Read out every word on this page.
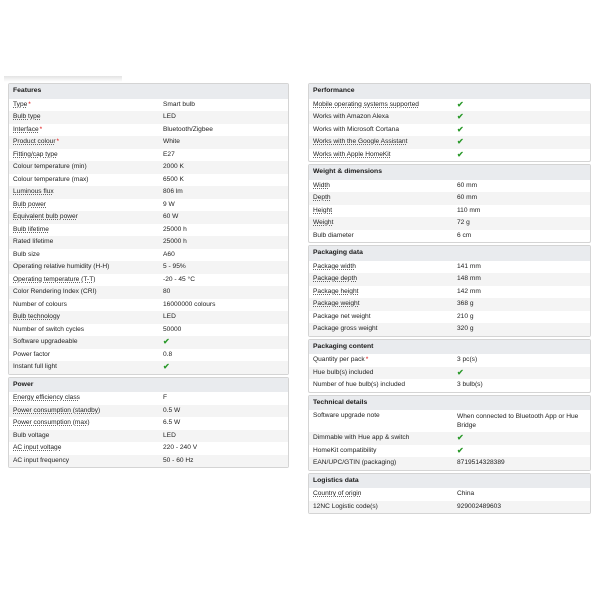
Features
Type*	Smart bulb
Bulb type	LED
Interface*	Bluetooth/Zigbee
Product colour*	White
Fitting/cap type	E27
Colour temperature (min)	2000 K
Colour temperature (max)	6500 K
Luminous flux	806 lm
Bulb power	9 W
Equivalent bulb power	60 W
Bulb lifetime	25000 h
Rated lifetime	25000 h
Bulb size	A60
Operating relative humidity (H-H)	5 - 95%
Operating temperature (T-T)	-20 - 45 °C
Color Rendering Index (CRI)	80
Number of colours	16000000 colours
Bulb technology	LED
Number of switch cycles	50000
Software upgradeable	✔
Power factor	0.8
Instant full light	✔
Power
Energy efficiency class	F
Power consumption (standby)	0.5 W
Power consumption (max)	6.5 W
Bulb voltage	LED
AC input voltage	220 - 240 V
AC input frequency	50 - 60 Hz
Performance
Mobile operating systems supported	✔
Works with Amazon Alexa	✔
Works with Microsoft Cortana	✔
Works with the Google Assistant	✔
Works with Apple HomeKit	✔
Weight & dimensions
Width	60 mm
Depth	60 mm
Height	110 mm
Weight	72 g
Bulb diameter	6 cm
Packaging data
Package width	141 mm
Package depth	148 mm
Package height	142 mm
Package weight	368 g
Package net weight	210 g
Package gross weight	320 g
Packaging content
Quantity per pack*	3 pc(s)
Hue bulb(s) included	✔
Number of hue bulb(s) included	3 bulb(s)
Technical details
Software upgrade note	When connected to Bluetooth App or Hue Bridge
Dimmable with Hue app & switch	✔
HomeKit compatibility	✔
EAN/UPC/GTIN (packaging)	8719514328389
Logistics data
Country of origin	China
12NC Logistic code(s)	929002489603
